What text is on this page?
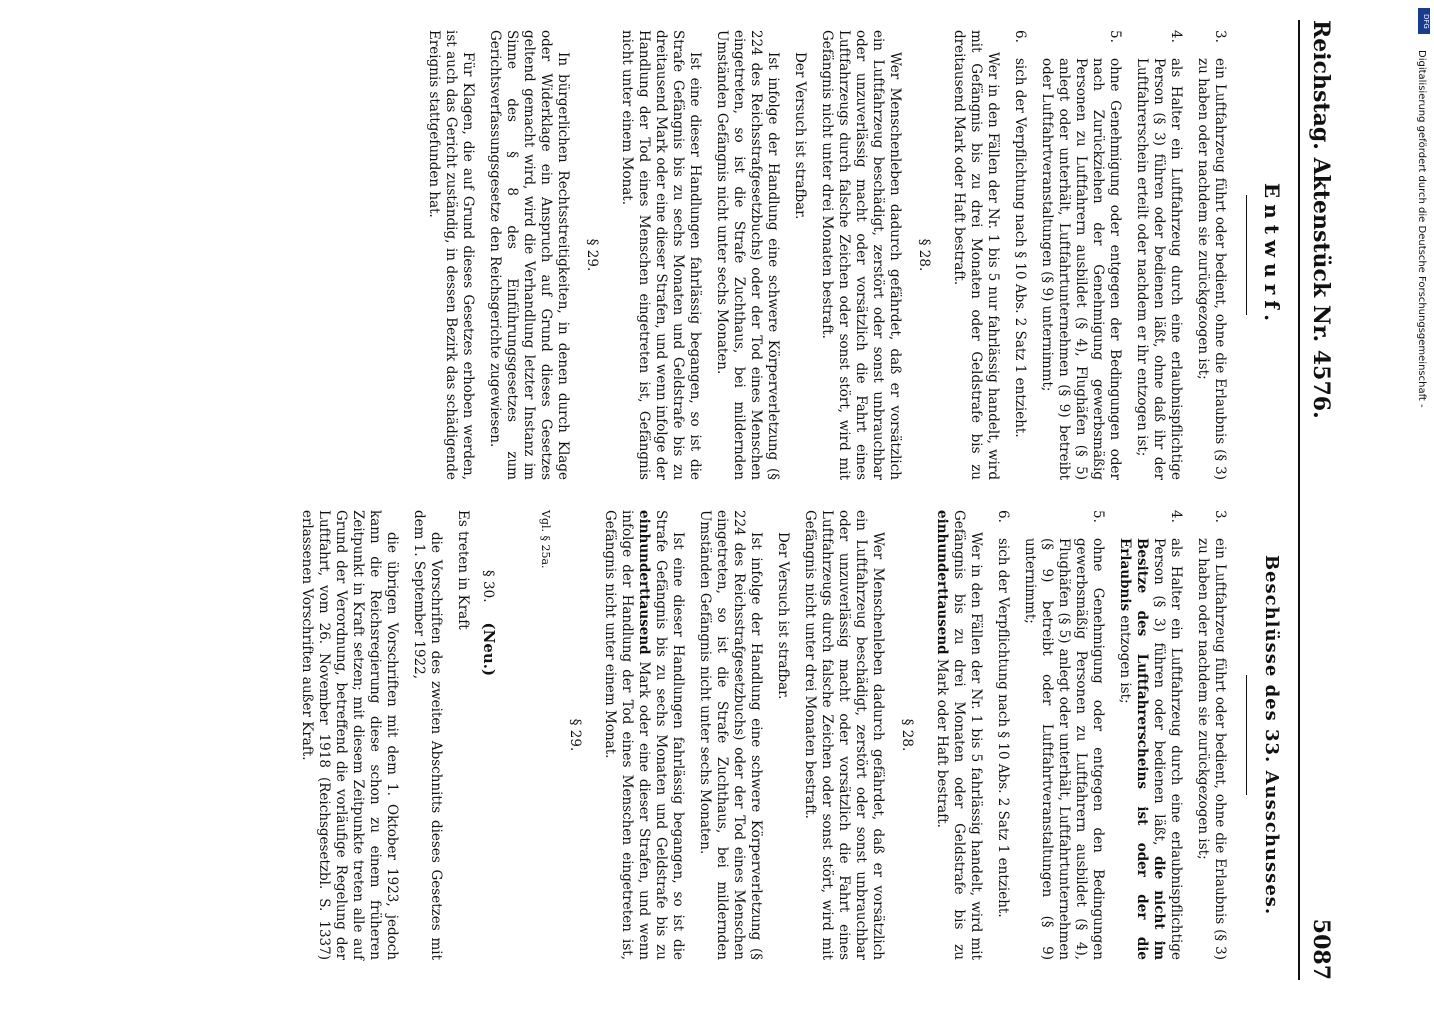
Reichstag. Aktenstück Nr. 4576.
5087
Entwurf.
3.
ein Luftfahrzeug führt oder bedient, ohne die Erlaubnis (§ 3) zu haben oder nachdem sie zurückgezogen ist;
4.
als Halter ein Luftfahrzeug durch eine erlaubnispflichtige Person (§ 3) führen oder bedienen läßt, ohne daß ihr der Luftfahrerschein erteilt oder nachdem er ihr entzogen ist;
5.
ohne Genehmigung oder entgegen der Bedingungen oder nach Zurückziehen der Genehmigung gewerbsmäßig Personen zu Luftfahrern ausbildet (§ 4), Flughäfen (§ 5) anlegt oder unterhält, Luftfahrtunternehmen (§ 9) betreibt oder Luftfahrtveranstaltungen (§ 9) unternimmt;
6.
sich der Verpflichtung nach § 10 Abs. 2 Satz 1 entzieht.

Wer in den Fällen der Nr. 1 bis 5 nur fahrlässig handelt, wird mit Gefängnis bis zu drei Monaten oder Geldstrafe bis zu dreitausend Mark oder Haft bestraft.

§ 28.

Wer Menschenleben dadurch gefährdet, daß er vorsätzlich ein Luftfahrzeug beschädigt, zerstört oder sonst unbrauchbar oder unzuverlässig macht oder vorsätzlich die Fahrt eines Luftfahrzeugs durch falsche Zeichen oder sonst stört, wird mit Gefängnis nicht unter drei Monaten bestraft.

Der Versuch ist strafbar.

Ist infolge der Handlung eine schwere Körperverletzung (§ 224 des Reichsstrafgesetzbuchs) oder der Tod eines Menschen eingetreten, so ist die Strafe Zuchthaus, bei mildernden Umständen Gefängnis nicht unter sechs Monaten.

Ist eine dieser Handlungen fahrlässig begangen, so ist die Strafe Gefängnis bis zu sechs Monaten und Geldstrafe bis zu dreitausend Mark oder eine dieser Strafen, und wenn infolge der Handlung der Tod eines Menschen eingetreten ist, Gefängnis nicht unter einem Monat.

§ 29.

In bürgerlichen Rechtsstreitigkeiten, in denen durch Klage oder Widerklage ein Anspruch auf Grund dieses Gesetzes geltend gemacht wird, wird die Verhandlung letzter Instanz im Sinne des § 8 des Einführungsgesetzes zum Gerichtsverfassungsgesetze den Reichsgerichte zugewiesen.

Für Klagen, die auf Grund dieses Gesetzes erhoben werden, ist auch das Gericht zuständig, in dessen Bezirk das schädigende Ereignis stattgefunden hat.

Beschlüsse des 33. Ausschusses.
3.
ein Luftfahrzeug führt oder bedient, ohne die Erlaubnis (§ 3) zu haben oder nachdem sie zurückgezogen ist;
4.
als Halter ein Luftfahrzeug durch eine erlaubnispflichtige Person (§ 3) führen oder bedienen läßt, die nicht im Besitze des Luftfahrerscheins ist oder der die Erlaubnis entzogen ist;
5.
ohne Genehmigung oder entgegen den Bedingungen gewerbsmäßig Personen zu Luftfahrern ausbildet (§ 4), Flughäfen (§ 5) anlegt oder unterhält, Luftfahrtunternehmen (§ 9) betreibt oder Luftfahrtveranstaltungen (§ 9) unternimmt;
6.
sich der Verpflichtung nach § 10 Abs. 2 Satz 1 entzieht.

Wer in den Fällen der Nr. 1 bis 5 fahrlässig handelt, wird mit Gefängnis bis zu drei Monaten oder Geldstrafe bis zu einhunderttausend Mark oder Haft bestraft.

§ 28.

Wer Menschenleben dadurch gefährdet, daß er vorsätzlich ein Luftfahrzeug beschädigt, zerstört oder sonst unbrauchbar oder unzuverlässig macht oder vorsätzlich die Fahrt eines Luftfahrzeugs durch falsche Zeichen oder sonst stört, wird mit Gefängnis nicht unter drei Monaten bestraft.

Der Versuch ist strafbar.

Ist infolge der Handlung eine schwere Körperverletzung (§ 224 des Reichsstrafgesetzbuchs) oder der Tod eines Menschen eingetreten, so ist die Strafe Zuchthaus, bei mildernden Umständen Gefängnis nicht unter sechs Monaten.

Ist eine dieser Handlungen fahrlässig begangen, so ist die Strafe Gefängnis bis zu sechs Monaten und Geldstrafe bis zu einhunderttausend Mark oder eine dieser Strafen, und wenn infolge der Handlung der Tod eines Menschen eingetreten ist, Gefängnis nicht unter einem Monat.

§ 29.
Vgl. § 25a.
§ 30.(Neu.)

Es treten in Kraft

die Vorschriften des zweiten Abschnitts dieses Gesetzes mit dem 1. September 1922,

die übrigen Vorschriften mit dem 1. Oktober 1923, jedoch kann die Reichsregierung diese schon zu einem früheren Zeitpunkt in Kraft setzen; mit diesem Zeitpunkte treten alle auf Grund der Verordnung, betreffend die vorläufige Regelung der Luftfahrt, vom 26. November 1918 (Reichsgesetzbl. S. 1337) erlassenen Vorschriften außer Kraft.

DFG
Digitalisierung gefördert durch die Deutsche Forschungsgemeinschaft -
